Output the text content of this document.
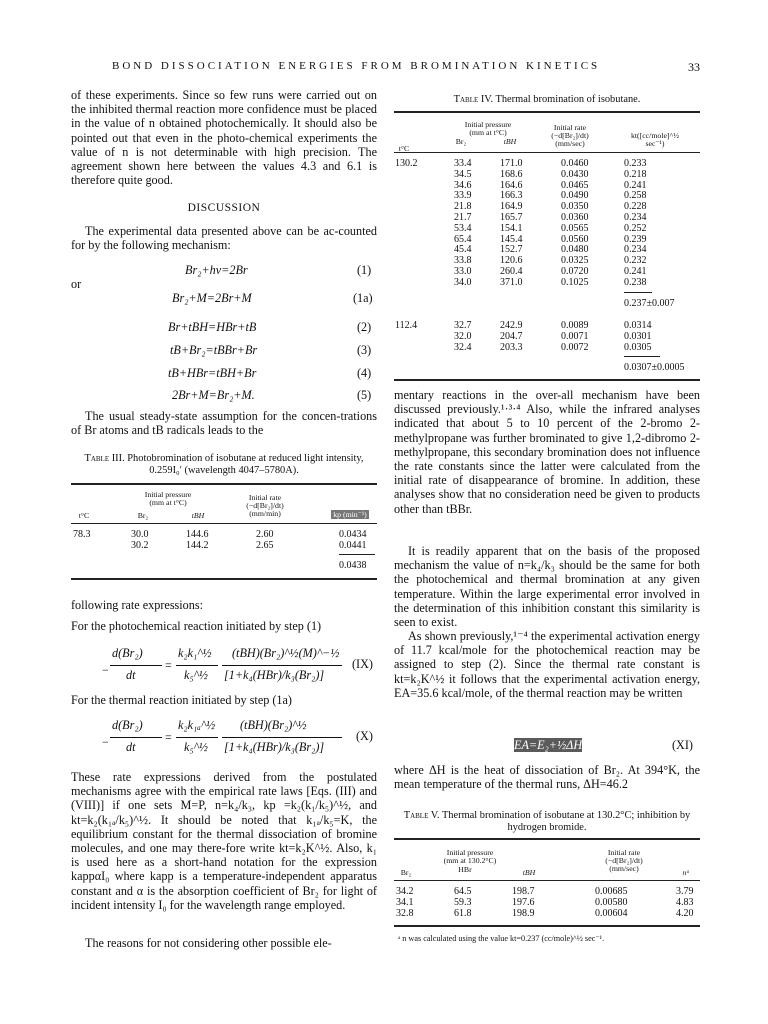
BOND DISSOCIATION ENERGIES FROM BROMINATION KINETICS	33
of these experiments. Since so few runs were carried out on the inhibited thermal reaction more confidence must be placed in the value of n obtained photochemically. It should also be pointed out that even in the photo-chemical experiments the value of n is not determinable with high precision. The agreement shown here between the values 4.3 and 6.1 is therefore quite good.
DISCUSSION
The experimental data presented above can be ac-counted for by the following mechanism:
Br₂+hν=2Br	(1)
or
Br₂+M=2Br+M	(1a)
Br+tBH=HBr+tB	(2)
tB+Br₂=tBBr+Br	(3)
tB+HBr=tBH+Br	(4)
2Br+M=Br₂+M.	(5)
The usual steady-state assumption for the concen-trations of Br atoms and tB radicals leads to the
Table III. Photobromination of isobutane at reduced light intensity, 0.259I₀′ (wavelength 4047–5780A).
Initial pressure
(mm at t°C)
t°C	Br₂	tBH
Initial rate
(−d[Br₂]/dt)
(mm/min)	kp (min⁻¹)
78.3	30.0	144.6	2.60	0.0434
30.2	144.2	2.65	0.0441
0.0438
following rate expressions:
For the photochemical reaction initiated by step (1)
d(Br₂)
− dt
=
k₂k₁^½
k₅^½
(tBH)(Br₂)^½(M)^−½
[1+k₄(HBr)/k₃(Br₂)]
(IX)
For the thermal reaction initiated by step (1a)
d(Br₂)
− dt
=
k₂k₁ₐ^½
k₅^½
(tBH)(Br₂)^½
[1+k₄(HBr)/k₃(Br₂)]
(X)
These rate expressions derived from the postulated mechanisms agree with the empirical rate laws [Eqs. (III) and (VIII)] if one sets M=P, n=k₄/k₃, kp =k₂(k₁/k₅)^½, and kt=k₂(k₁ₐ/k₅)^½. It should be noted that k₁ₐ/k₅=K, the equilibrium constant for the thermal dissociation of bromine molecules, and one may there-fore write kt=k₂K^½. Also, k₁ is used here as a short-hand notation for the expression kappαI₀ where kapp is a temperature-independent apparatus constant and α is the absorption coefficient of Br₂ for light of incident intensity I₀ for the wavelength range employed.
The reasons for not considering other possible ele-
Table IV. Thermal bromination of isobutane.
Initial pressure
(mm at t°C)
t°C
Br₂	tBH
Initial rate
(−d[Br₂]/dt)
(mm/sec)
kt([cc/mole]^½
sec⁻¹)
130.2	33.4	171.0	0.0460	0.233
34.5	168.6	0.0430	0.218
34.6	164.6	0.0465	0.241
33.9	166.3	0.0490	0.258
21.8	164.9	0.0350	0.228
21.7	165.7	0.0360	0.234
53.4	154.1	0.0565	0.252
65.4	145.4	0.0560	0.239
45.4	152.7	0.0480	0.234
33.8	120.6	0.0325	0.232
33.0	260.4	0.0720	0.241
34.0	371.0	0.1025	0.238
0.237±0.007
112.4	32.7	242.9	0.0089	0.0314
32.0	204.7	0.0071	0.0301
32.4	203.3	0.0072	0.0305
0.0307±0.0005
mentary reactions in the over-all mechanism have been discussed previously.¹·³·⁴ Also, while the infrared analyses indicated that about 5 to 10 percent of the 2-bromo 2-methylpropane was further brominated to give 1,2-dibromo 2-methylpropane, this secondary bromination does not influence the rate constants since the latter were calculated from the initial rate of disappearance of bromine. In addition, these analyses show that no consideration need be given to products other than tBBr.
It is readily apparent that on the basis of the proposed mechanism the value of n=k₄/k₃ should be the same for both the photochemical and thermal bromination at any given temperature. Within the large experimental error involved in the determination of this inhibition constant this similarity is seen to exist.
As shown previously,¹⁻⁴ the experimental activation energy of 11.7 kcal/mole for the photochemical reaction may be assigned to step (2). Since the thermal rate constant is kt=k₂K^½ it follows that the experimental activation energy, EA=35.6 kcal/mole, of the thermal reaction may be written
EA=E₂+½ΔH	(XI)
where ΔH is the heat of dissociation of Br₂. At 394°K, the mean temperature of the thermal runs, ΔH=46.2
Table V. Thermal bromination of isobutane at 130.2°C; inhibition by hydrogen bromide.
Initial pressure
(mm at 130.2°C)
Br₂	HBr	tBH
Initial rate
(−d[Br₂]/dt)
(mm/sec)	nᵃ
34.2	64.5	198.7	0.00685	3.79
34.1	59.3	197.6	0.00580	4.83
32.8	61.8	198.9	0.00604	4.20
ᵃ n was calculated using the value kt=0.237 (cc/mole)^½ sec⁻¹.
